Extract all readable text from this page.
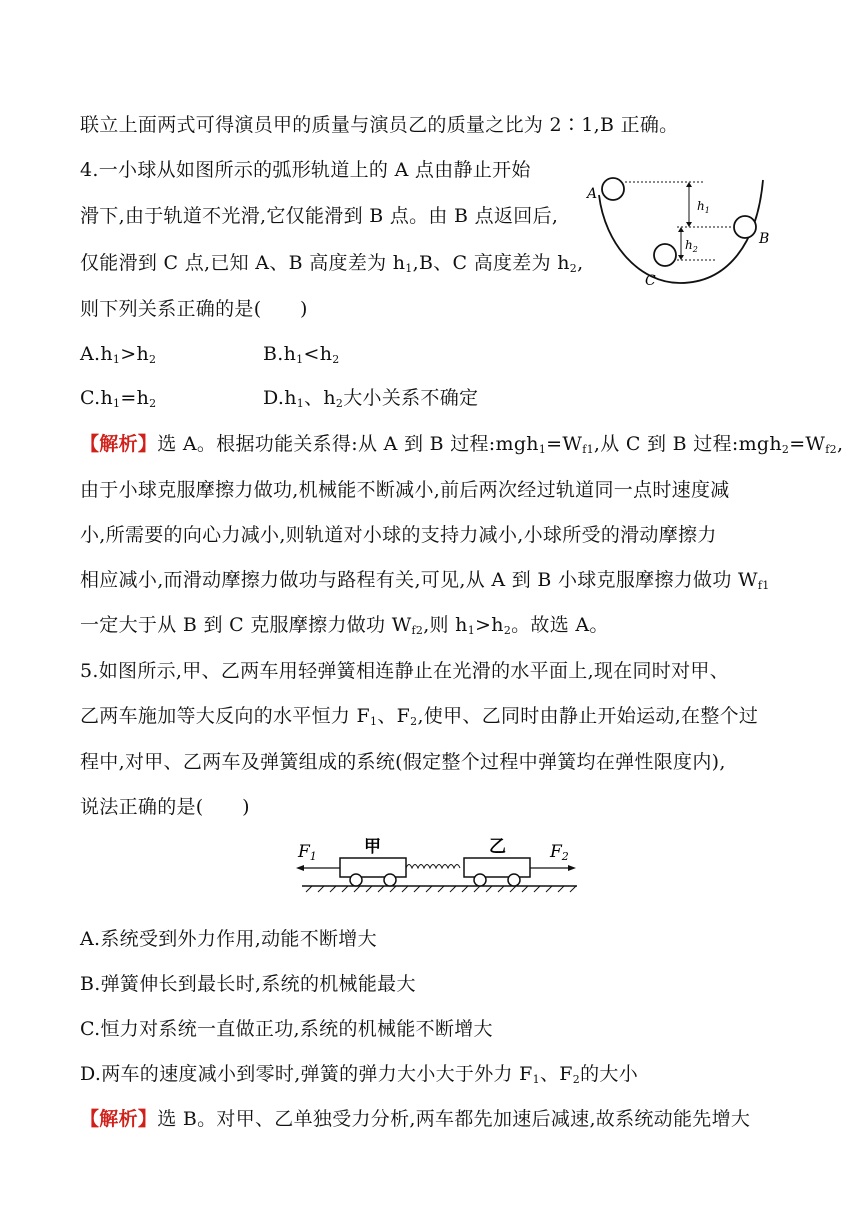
联立上面两式可得演员甲的质量与演员乙的质量之比为 2∶1,B 正确。
4.一小球从如图所示的弧形轨道上的 A 点由静止开始
滑下,由于轨道不光滑,它仅能滑到 B 点。由 B 点返回后,
仅能滑到 C 点,已知 A、B 高度差为 $h_1,B$、C 高度差为 $h_2$,
则下列关系正确的是(　　)
A
B
C
$h_1$
$h_2$
$A.h_1>h_2$	$B.h_1<h_2$
$C.h_1=h_2$	$D.h_1$、$h_2$大小关系不确定
【解析】选 A。根据功能关系得:从 A 到 B 过程$:mgh_1=W_{f1}$,从 C 到 B 过程$:mgh_2=W_{f2}$,
由于小球克服摩擦力做功,机械能不断减小,前后两次经过轨道同一点时速度减
小,所需要的向心力减小,则轨道对小球的支持力减小,小球所受的滑动摩擦力
相应减小,而滑动摩擦力做功与路程有关,可见,从 A 到 B 小球克服摩擦力做功 $W_{f1}$
一定大于从 B 到 C 克服摩擦力做功 $W_{f2}$,则 $h_1>h_2$。故选 A。
5.如图所示,甲、乙两车用轻弹簧相连静止在光滑的水平面上,现在同时对甲、
乙两车施加等大反向的水平恒力 $F_1$、$F_2$,使甲、乙同时由静止开始运动,在整个过
程中,对甲、乙两车及弹簧组成的系统(假定整个过程中弹簧均在弹性限度内),
说法正确的是(　　)
F1	F2
甲	乙
A.系统受到外力作用,动能不断增大
B.弹簧伸长到最长时,系统的机械能最大
C.恒力对系统一直做正功,系统的机械能不断增大
D.两车的速度减小到零时,弹簧的弹力大小大于外力 $F_1$、$F_2$的大小
【解析】选 B。对甲、乙单独受力分析,两车都先加速后减速,故系统动能先增大
